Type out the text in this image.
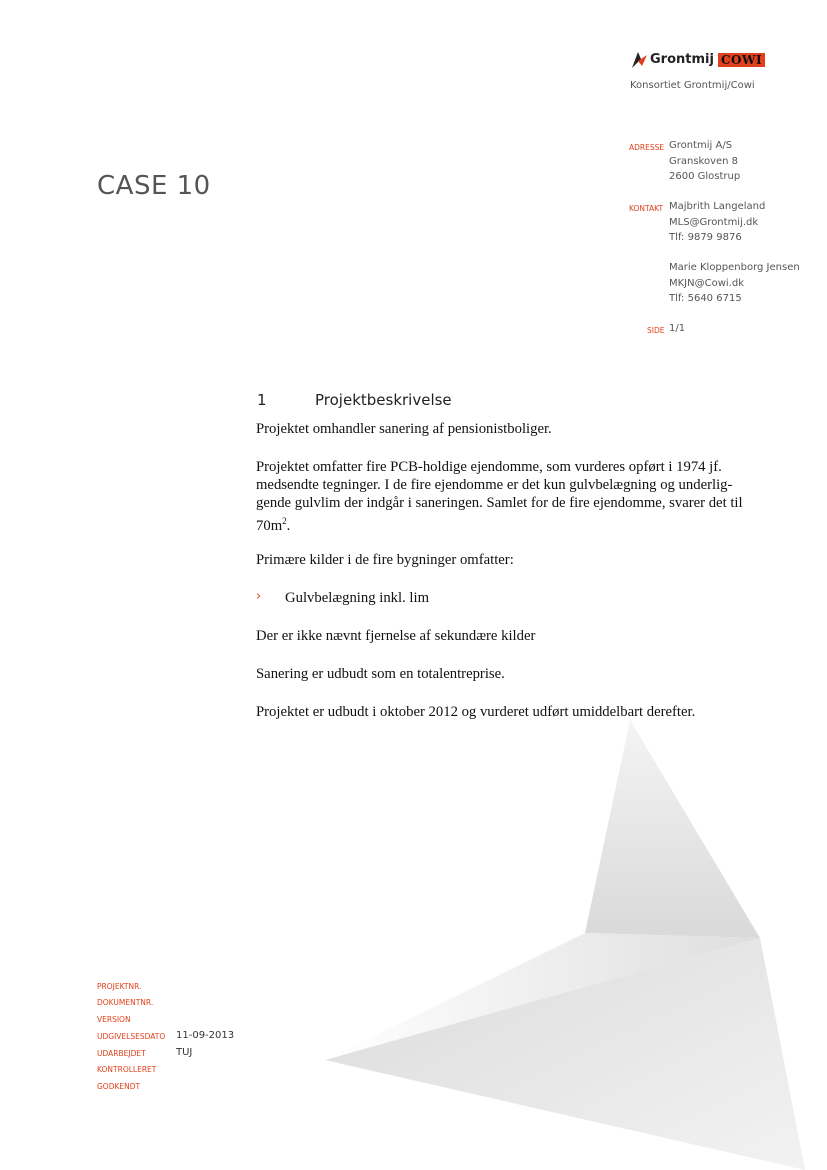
Grontmij COWI
Konsortiet Grontmij/Cowi
CASE 10
ADRESSE Grontmij A/S
Granskoven 8
2600 Glostrup
KONTAKT Majbrith Langeland
MLS@Grontmij.dk
Tlf: 9879 9876
Marie Kloppenborg Jensen
MKJN@Cowi.dk
Tlf: 5640 6715
SIDE 1/1
1	Projektbeskrivelse
Projektet omhandler sanering af pensionistboliger.
Projektet omfatter fire PCB-holdige ejendomme, som vurderes opført i 1974 jf.
medsendte tegninger. I de fire ejendomme er det kun gulvbelægning og underlig-
gende gulvlim der indgår i saneringen. Samlet for de fire ejendomme, svarer det til
$70m^2$.
Primære kilder i de fire bygninger omfatter:
› Gulvbelægning inkl. lim
Der er ikke nævnt fjernelse af sekundære kilder
Sanering er udbudt som en totalentreprise.
Projektet er udbudt i oktober 2012 og vurderet udført umiddelbart derefter.
PROJEKTNR.
DOKUMENTNR.
VERSION
UDGIVELSESDATO 11-09-2013
UDARBEJDET	TUJ
KONTROLLERET
GODKENDT
